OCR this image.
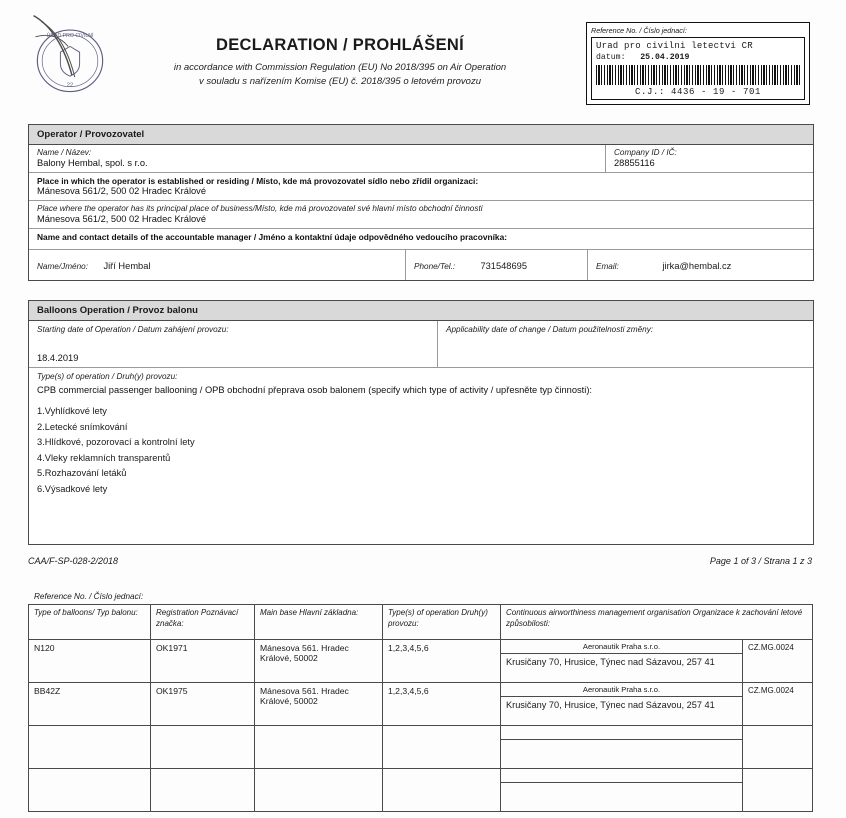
22
ÚŘAD PRO CIVILNÍ
DECLARATION / PROHLÁŠENÍ
in accordance with Commission Regulation (EU) No 2018/395 on Air Operation
v souladu s nařízením Komise (EU) č. 2018/395 o letovém provozu
Reference No. / Číslo jednací:
Urad pro civilni letectvi CR
datum: 25.04.2019
C.J.: 4436 - 19 - 701
Operator / Provozovatel
Name / Název:
Balony Hembal, spol. s r.o.
Company ID / IČ:
28855116
Place in which the operator is established or residing / Místo, kde má provozovatel sídlo nebo zřídil organizaci:
Mánesova 561/2, 500 02 Hradec Králové
Place where the operator has its principal place of business/Místo, kde má provozovatel své hlavní místo obchodní činnosti
Mánesova 561/2, 500 02 Hradec Králové
Name and contact details of the accountable manager / Jméno a kontaktní údaje odpovědného vedoucího pracovníka:
Name/Jméno: Jiří Hembal	Phone/Tel.:	731548695	Email:	jirka@hembal.cz
Balloons Operation / Provoz balonu
Starting date of Operation / Datum zahájení provozu:

18.4.2019
Applicability date of change / Datum použitelnosti změny:

Type(s) of operation / Druh(y) provozu:
CPB commercial passenger ballooning / OPB obchodní přeprava osob balonem (specify which type of activity / upřesněte typ činnosti):
1.Vyhlídkové lety
2.Letecké snímkování
3.Hlídkové, pozorovací a kontrolní lety
4.Vleky reklamních transparentů
5.Rozhazování letáků
6.Výsadkové lety
CAA/F-SP-028-2/2018	Page 1 of 3 / Strana 1 z 3
Reference No. / Číslo jednací:
Type of balloons/ Typ balonu:	Registration Poznávací značka:	Main base Hlavní základna:	Type(s) of operation Druh(y) provozu:	Continuous airworthiness management organisation Organizace k zachování letové způsobilosti:	
N120	OK1971	Mánesova 561. Hradec Králové, 50002	1,2,3,4,5,6	Aeronautik Praha s.r.o.
Krusičany 70, Hrusice, Týnec nad Sázavou, 257 41	CZ.MG.0024
BB42Z	OK1975	Mánesova 561. Hradec Králové, 50002	1,2,3,4,5,6	Aeronautik Praha s.r.o.
Krusičany 70, Hrusice, Týnec nad Sázavou, 257 41	CZ.MG.0024
